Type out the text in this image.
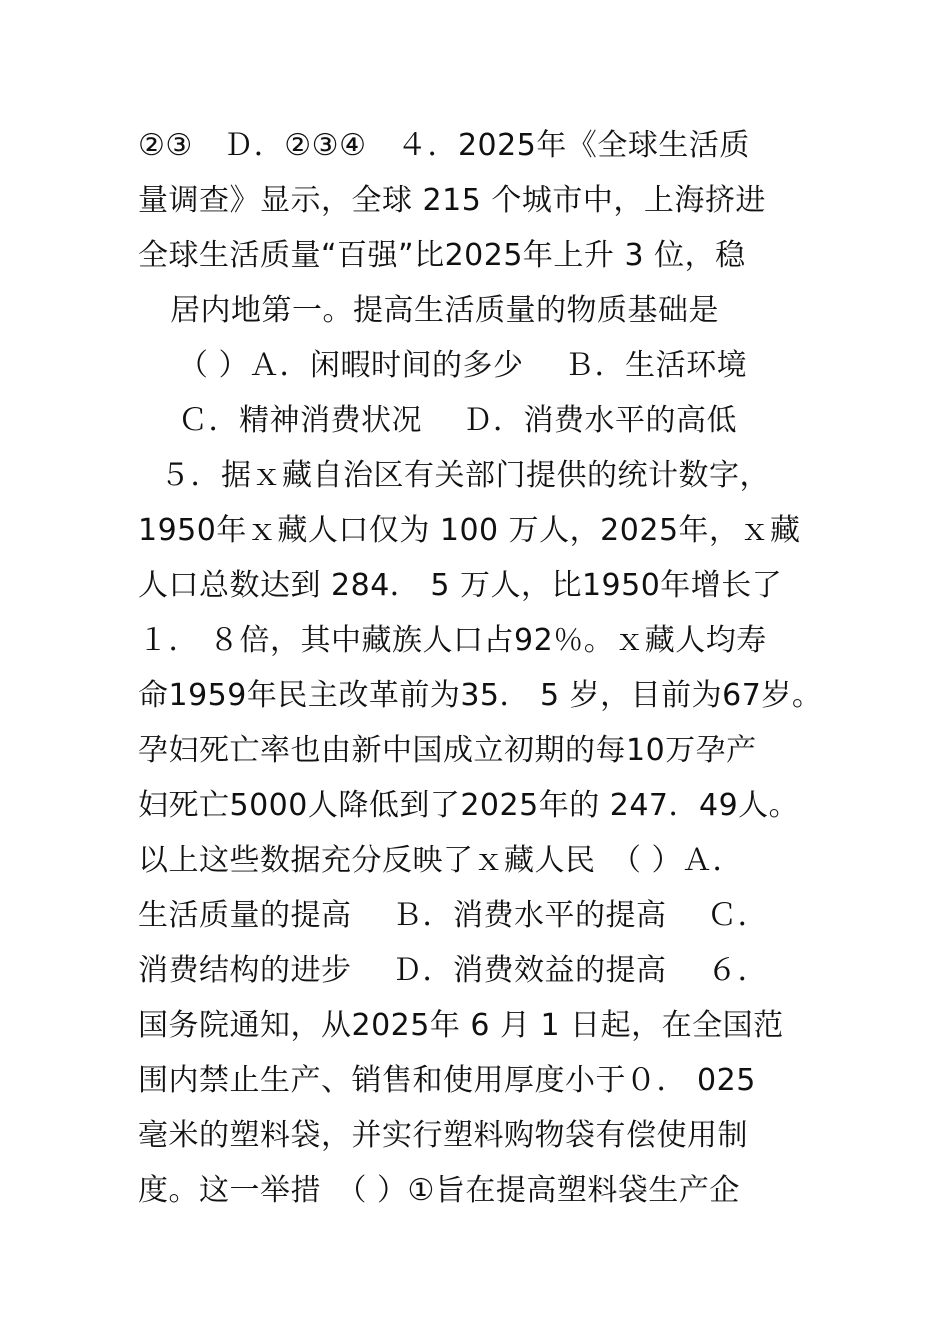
②③　Ｄ．②③④　４．2025年《全球生活质
量调查》显示，全球 215 个城市中，上海挤进
全球生活质量“百强”比2025年上升 3 位，稳
居内地第一。提高生活质量的物质基础是
（ ）Ａ．闲暇时间的多少　 Ｂ．生活环境
Ｃ．精神消费状况　 Ｄ．消费水平的高低
５．据ｘ藏自治区有关部门提供的统计数字，
1950年ｘ藏人口仅为 100 万人，2025年，ｘ藏
人口总数达到 284． 5 万人，比1950年增长了
１． ８倍，其中藏族人口占92％。ｘ藏人均寿
命1959年民主改革前为35． 5 岁，目前为67岁。
孕妇死亡率也由新中国成立初期的每10万孕产
妇死亡5000人降低到了2025年的 247．49人。
以上这些数据充分反映了ｘ藏人民　（ ）Ａ．
生活质量的提高　 Ｂ．消费水平的提高　 Ｃ．
消费结构的进步　 Ｄ．消费效益的提高　 ６．
国务院通知，从2025年 6 月 1 日起，在全国范
围内禁止生产、销售和使用厚度小于０． 025
毫米的塑料袋，并实行塑料购物袋有偿使用制
度。这一举措　（ ）①旨在提高塑料袋生产企
